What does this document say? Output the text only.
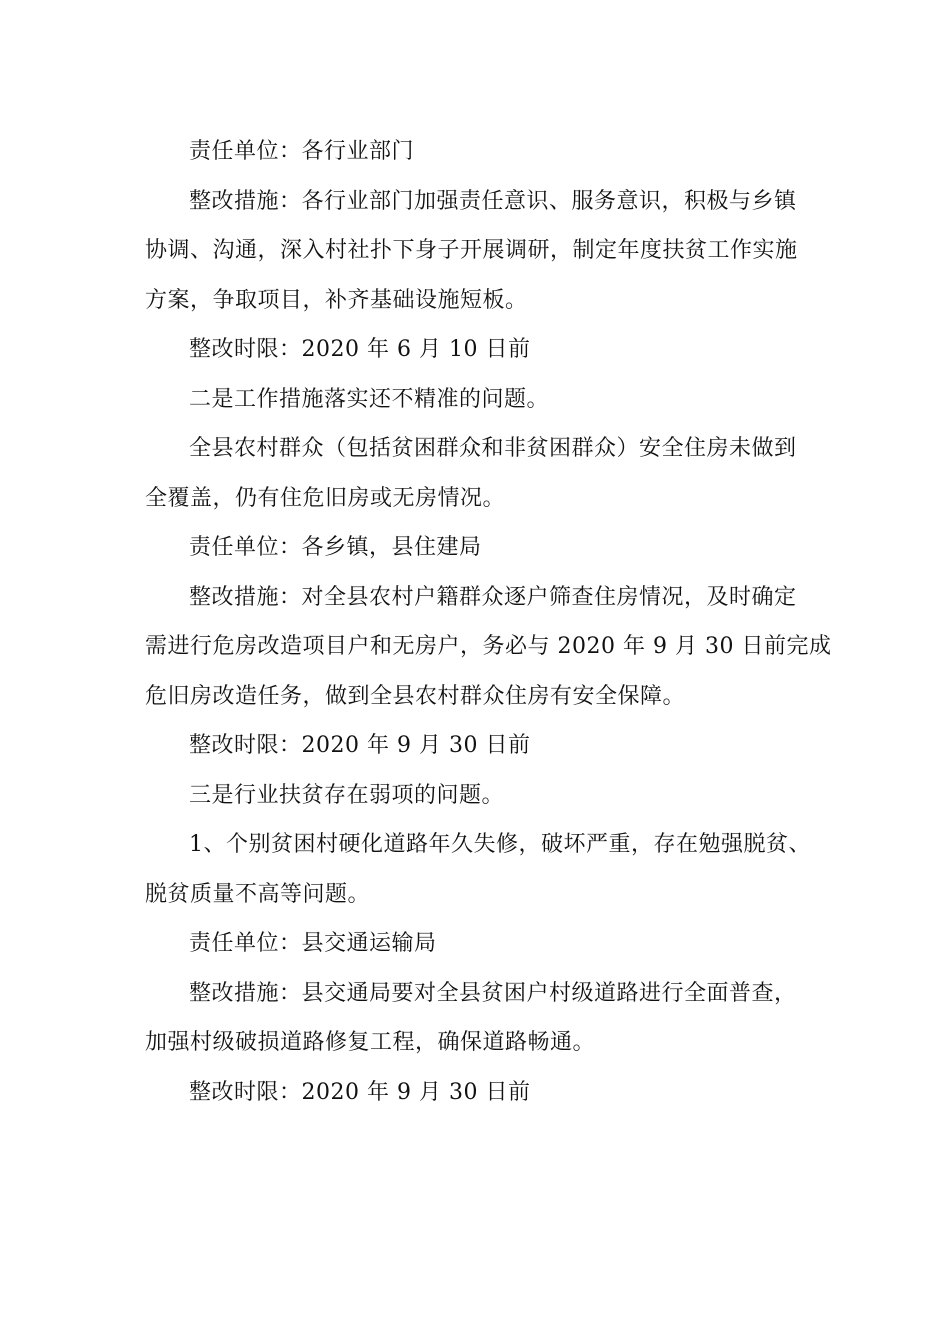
责任单位：各行业部门

整改措施：各行业部门加强责任意识、服务意识，积极与乡镇
协调、沟通，深入村社扑下身子开展调研，制定年度扶贫工作实施
方案，争取项目，补齐基础设施短板。

整改时限：2020 年 6 月 10 日前

二是工作措施落实还不精准的问题。

全县农村群众（包括贫困群众和非贫困群众）安全住房未做到
全覆盖，仍有住危旧房或无房情况。

责任单位：各乡镇，县住建局

整改措施：对全县农村户籍群众逐户筛查住房情况，及时确定
需进行危房改造项目户和无房户，务必与 2020 年 9 月 30 日前完成
危旧房改造任务，做到全县农村群众住房有安全保障。

整改时限：2020 年 9 月 30 日前

三是行业扶贫存在弱项的问题。

1、个别贫困村硬化道路年久失修，破坏严重，存在勉强脱贫、
脱贫质量不高等问题。

责任单位：县交通运输局

整改措施：县交通局要对全县贫困户村级道路进行全面普查，
加强村级破损道路修复工程，确保道路畅通。

整改时限：2020 年 9 月 30 日前
